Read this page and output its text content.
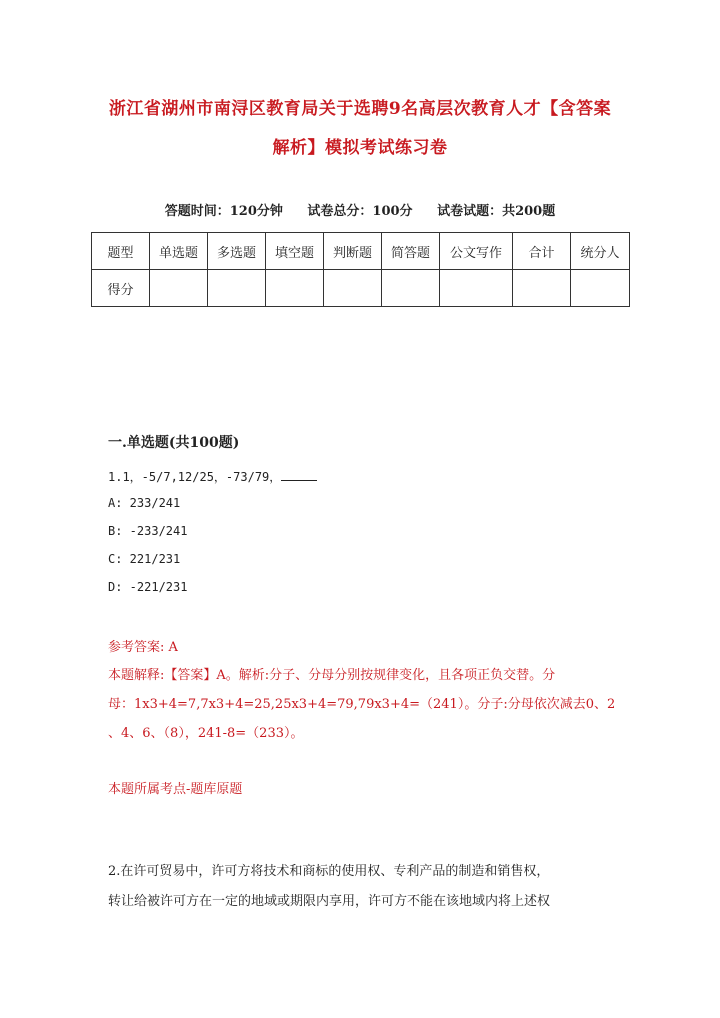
浙江省湖州市南浔区教育局关于选聘9名高层次教育人才【含答案
解析】模拟考试练习卷
答题时间：120分钟 试卷总分：100分 试卷试题：共200题
题型	单选题	多选题	填空题	判断题	简答题	公文写作	合计	统分人
得分								
一.单选题(共100题)
1.1，-5/7,12/25，-73/79，
A: 233/241
B: -233/241
C: 221/231
D: -221/231
参考答案: A
本题解释:【答案】A。解析:分子、分母分别按规律变化，且各项正负交替。分
母：1x3+4=7,7x3+4=25,25x3+4=79,79x3+4=（241）。分子:分母依次减去0、2
、4、6、（8），241-8=（233）。
本题所属考点-题库原题
2.在许可贸易中，许可方将技术和商标的使用权、专利产品的制造和销售权，
转让给被许可方在一定的地域或期限内享用，许可方不能在该地域内将上述权
